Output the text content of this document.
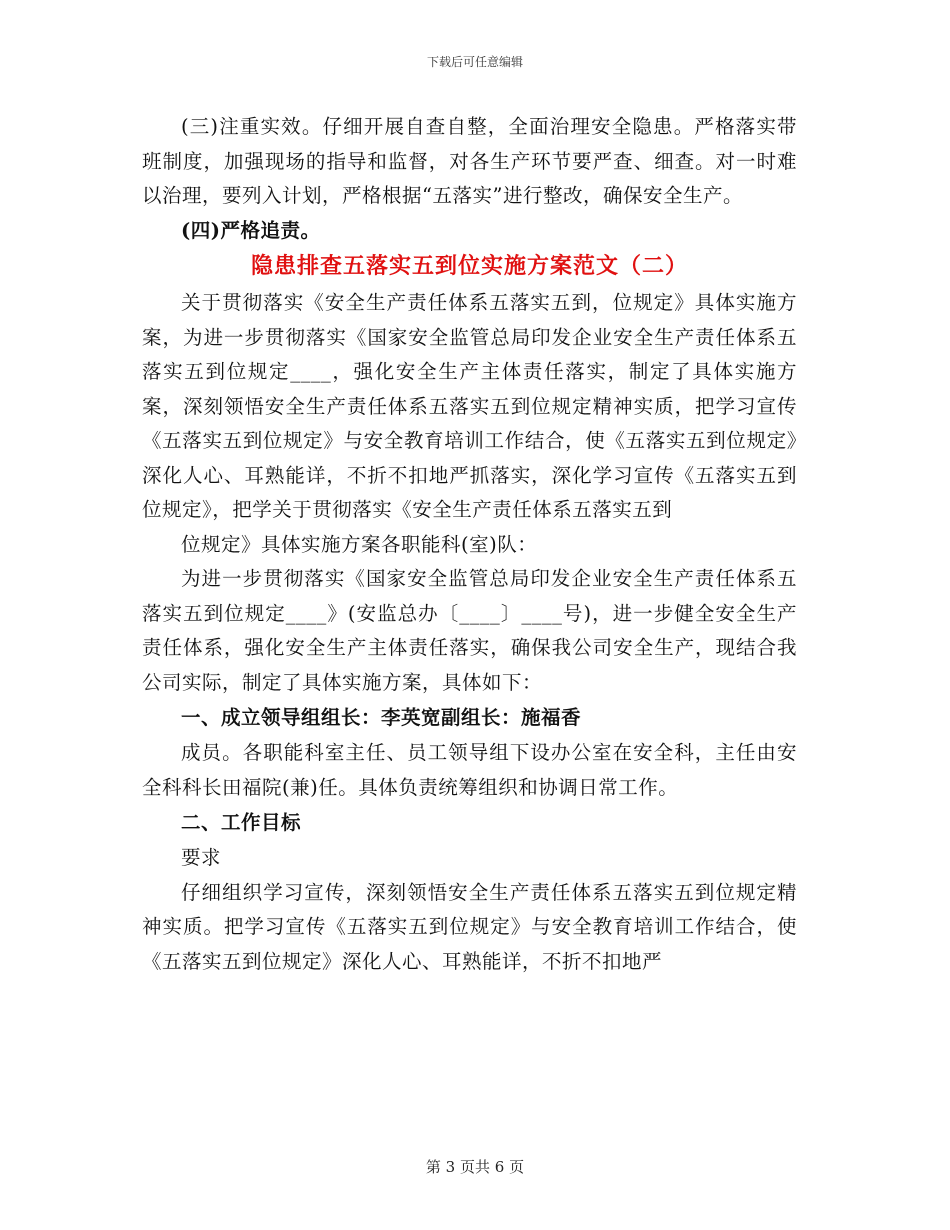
下载后可任意编辑

(三)注重实效。仔细开展自查自整，全面治理安全隐患。严格落实带班制度，加强现场的指导和监督，对各生产环节要严查、细查。对一时难以治理，要列入计划，严格根据“五落实”进行整改，确保安全生产。

(四)严格追责。

隐患排查五落实五到位实施方案范文（二）

关于贯彻落实《安全生产责任体系五落实五到，位规定》具体实施方案，为进一步贯彻落实《国家安全监管总局印发企业安全生产责任体系五落实五到位规定____，强化安全生产主体责任落实，制定了具体实施方案，深刻领悟安全生产责任体系五落实五到位规定精神实质，把学习宣传《五落实五到位规定》与安全教育培训工作结合，使《五落实五到位规定》深化人心、耳熟能详，不折不扣地严抓落实，深化学习宣传《五落实五到位规定》，把学关于贯彻落实《安全生产责任体系五落实五到

位规定》具体实施方案各职能科(室)队：

为进一步贯彻落实《国家安全监管总局印发企业安全生产责任体系五落实五到位规定____》(安监总办〔____〕____号)，进一步健全安全生产责任体系，强化安全生产主体责任落实，确保我公司安全生产，现结合我公司实际，制定了具体实施方案，具体如下：

一、成立领导组组长：李英宽副组长：施福香

成员。各职能科室主任、员工领导组下设办公室在安全科，主任由安全科科长田福院(兼)任。具体负责统筹组织和协调日常工作。

二、工作目标

要求

仔细组织学习宣传，深刻领悟安全生产责任体系五落实五到位规定精神实质。把学习宣传《五落实五到位规定》与安全教育培训工作结合，使《五落实五到位规定》深化人心、耳熟能详，不折不扣地严

第 3 页共 6 页
